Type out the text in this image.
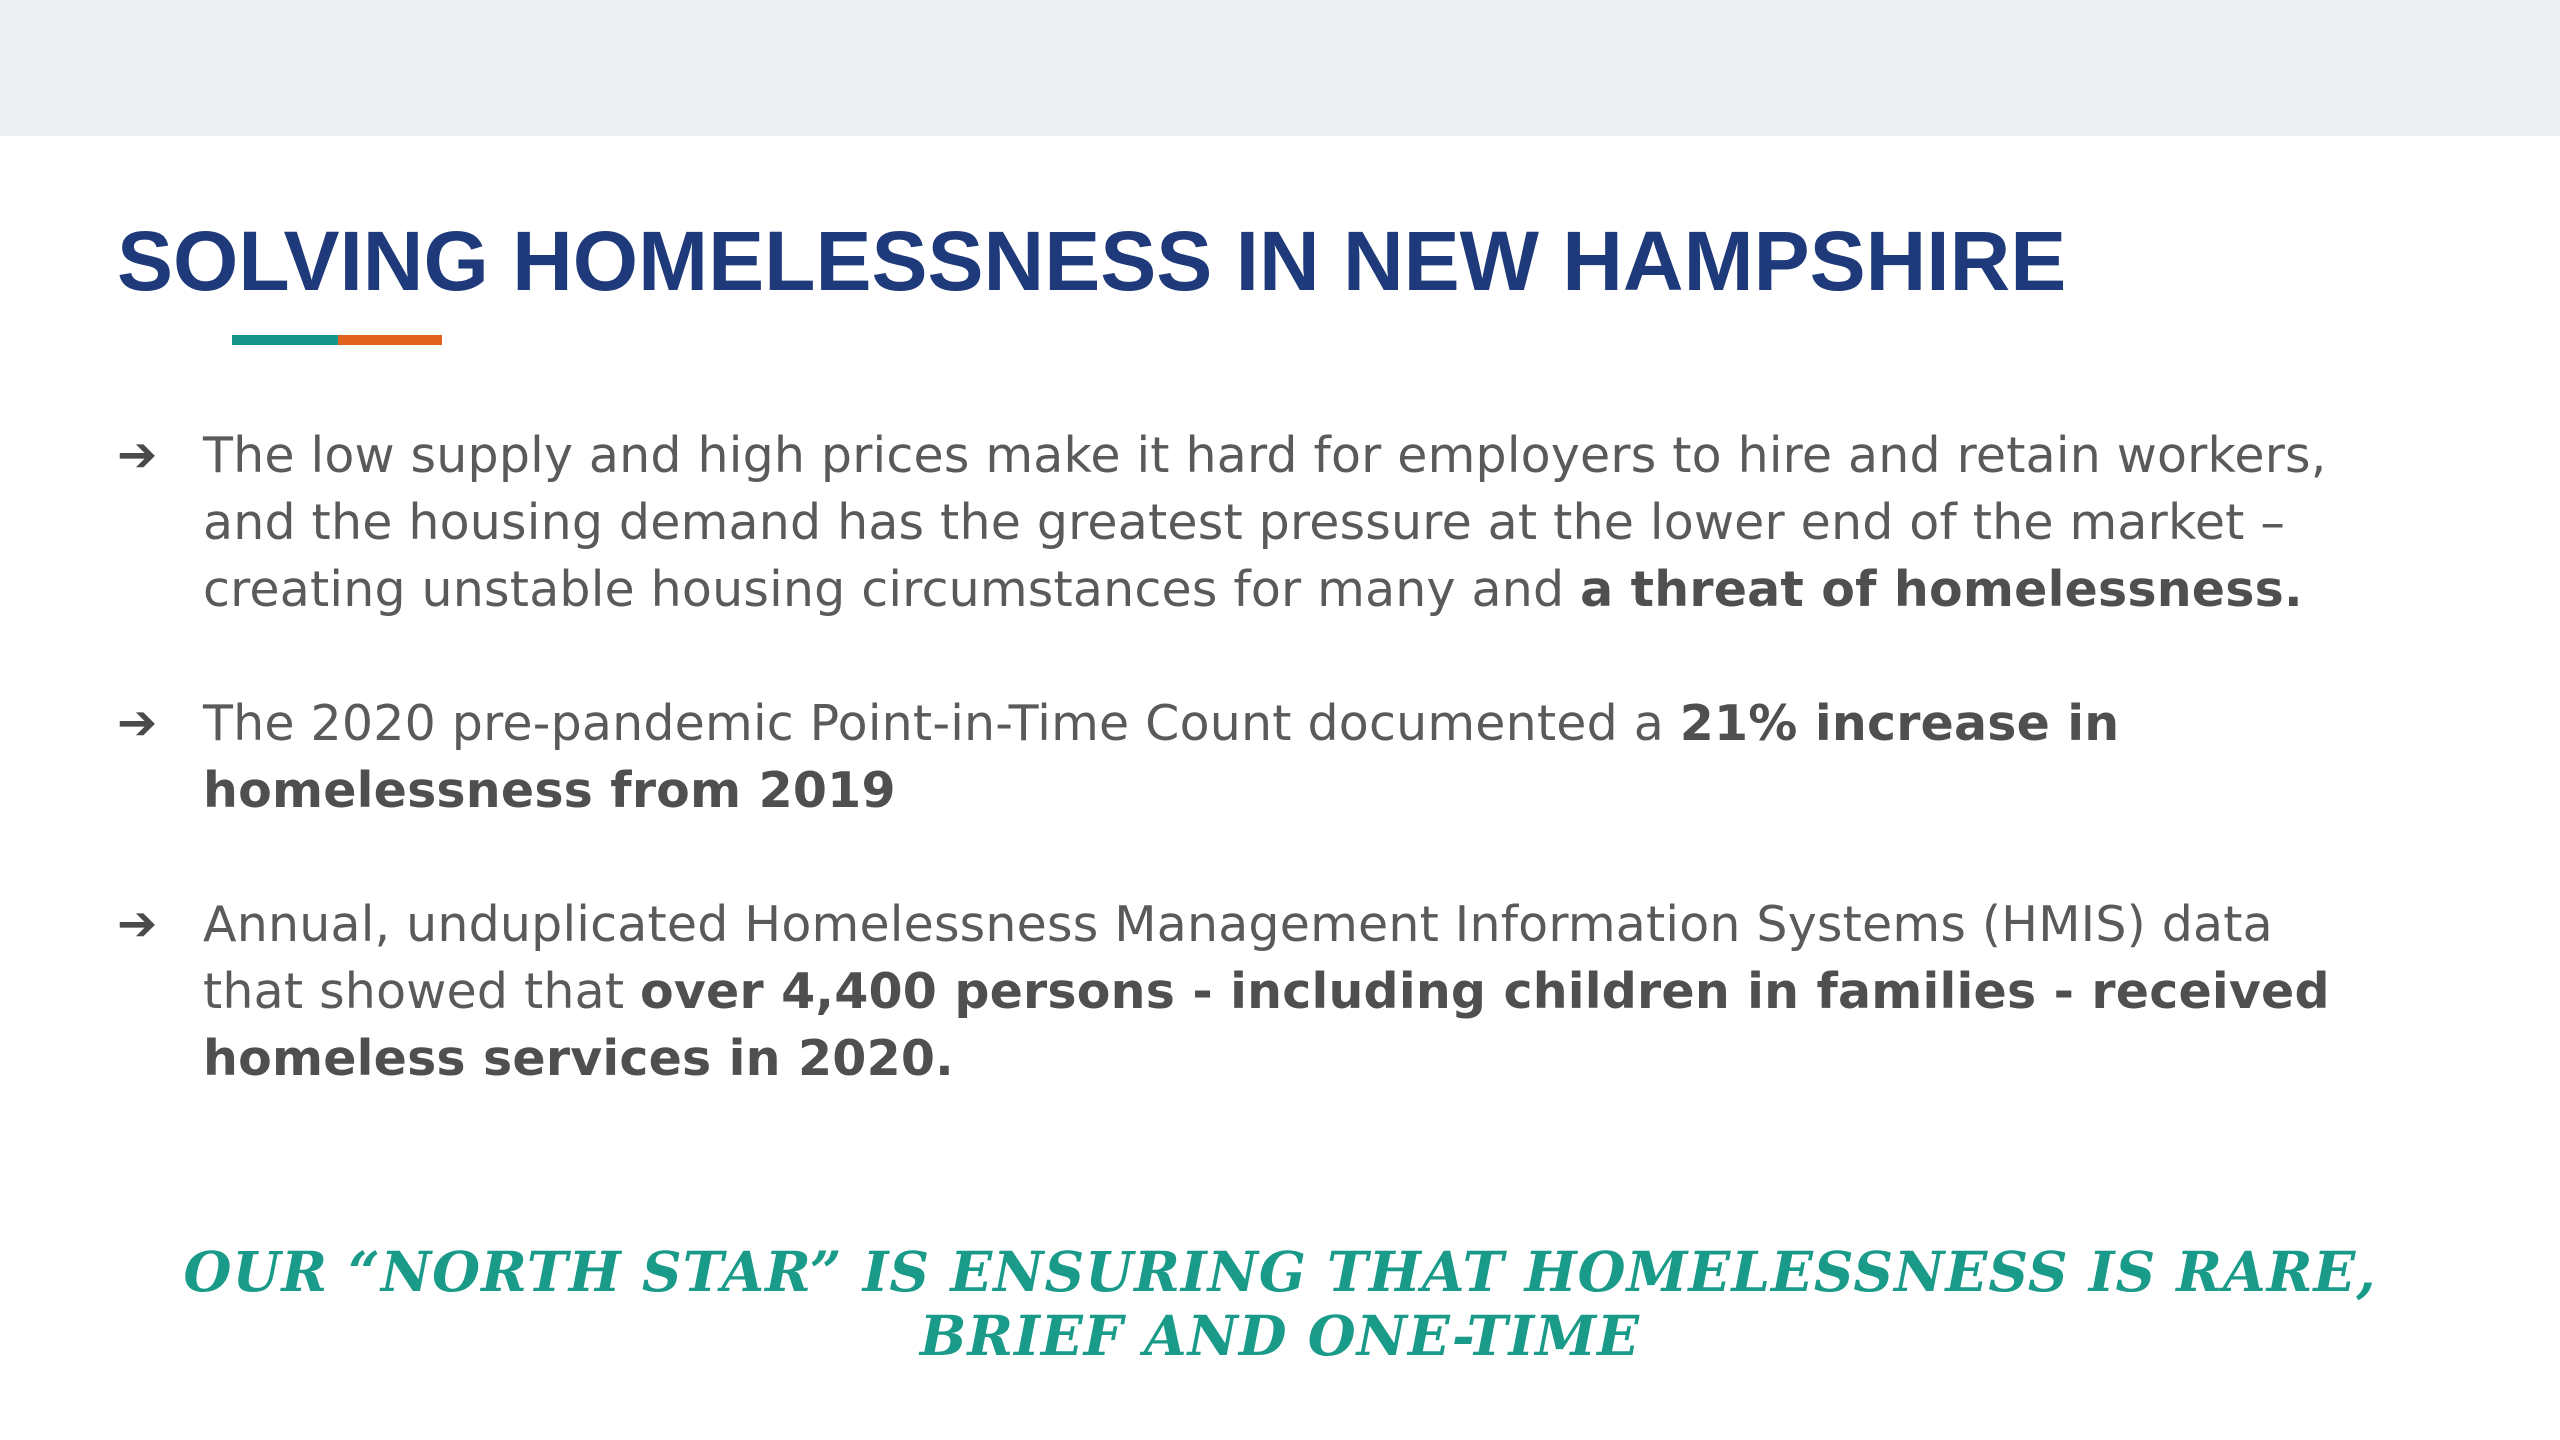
SOLVING HOMELESSNESS IN NEW HAMPSHIRE
➔ The low supply and high prices make it hard for employers to hire and retain workers, and the housing demand has the greatest pressure at the lower end of the market – creating unstable housing circumstances for many and a threat of homelessness.
➔ The 2020 pre-pandemic Point-in-Time Count documented a 21% increase in homelessness from 2019
➔ Annual, unduplicated Homelessness Management Information Systems (HMIS) data that showed that over 4,400 persons - including children in families - received homeless services in 2020.

OUR “NORTH STAR” IS ENSURING THAT HOMELESSNESS IS RARE, BRIEF AND ONE-TIME
